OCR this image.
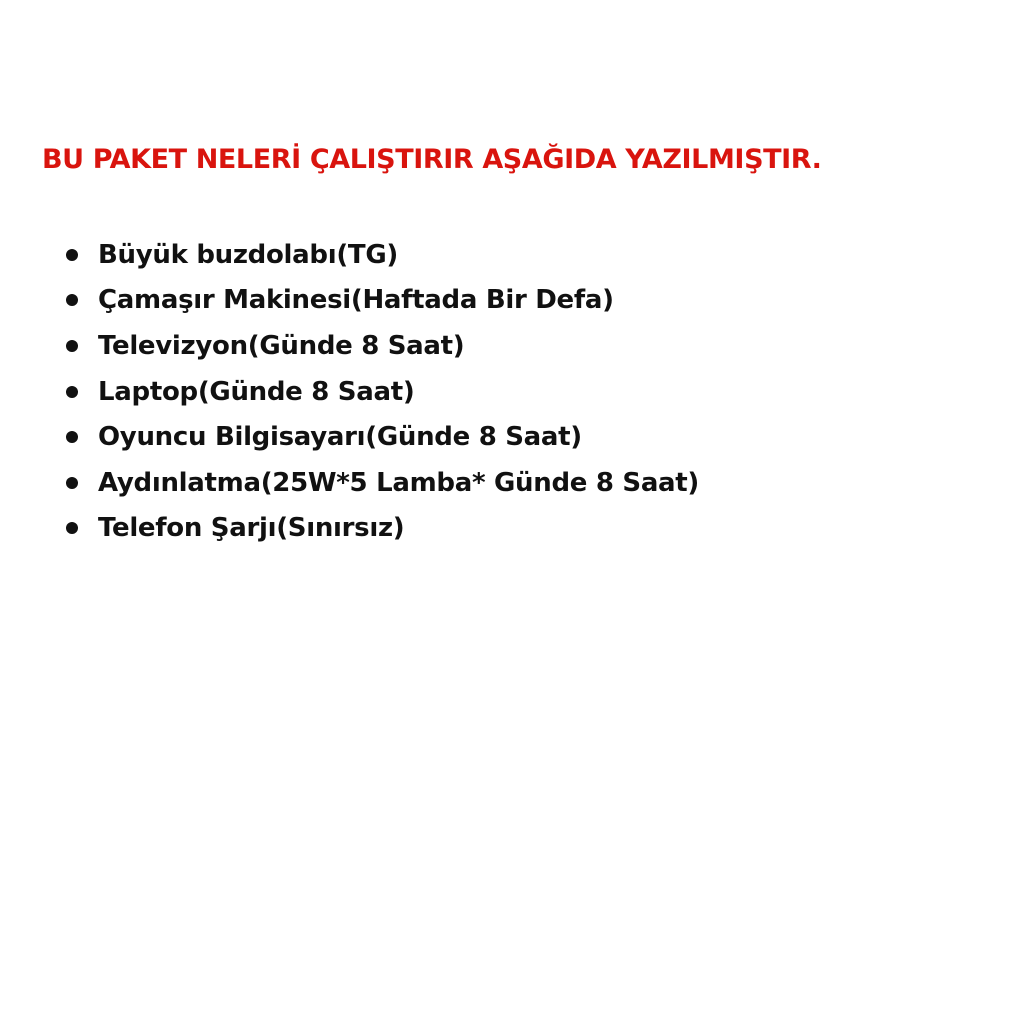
BU PAKET NELERİ ÇALIŞTIRIR AŞAĞIDA YAZILMIŞTIR.
Büyük buzdolabı(TG)
Çamaşır Makinesi(Haftada Bir Defa)
Televizyon(Günde 8 Saat)
Laptop(Günde 8 Saat)
Oyuncu Bilgisayarı(Günde 8 Saat)
Aydınlatma(25W*5 Lamba* Günde 8 Saat)
Telefon Şarjı(Sınırsız)
